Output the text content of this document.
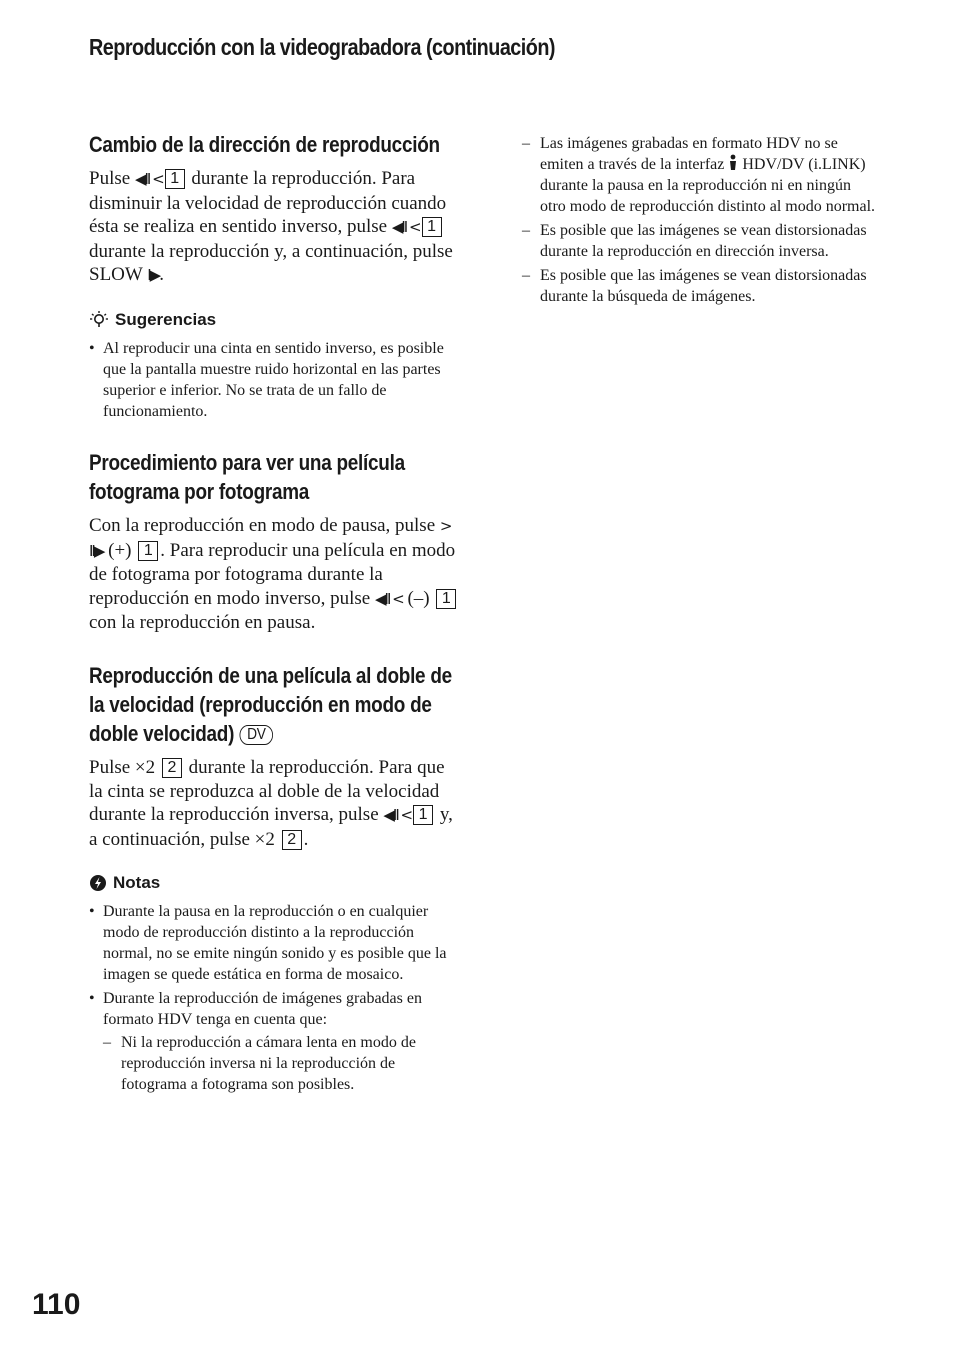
Reproducción con la videograbadora (continuación)
Cambio de la dirección de reproducción

Pulse ◀II < 1 durante la reproducción. Para disminuir la velocidad de reproducción cuando ésta se realiza en sentido inverso, pulse ◀II < 1 durante la reproducción y, a continuación, pulse SLOW I▶.

Sugerencias
• Al reproducir una cinta en sentido inverso, es posible que la pantalla muestre ruido horizontal en las partes superior e inferior. No se trata de un fallo de funcionamiento.
Procedimiento para ver una película fotograma por fotograma

Con la reproducción en modo de pausa, pulse > II▶ (+) 1 . Para reproducir una película en modo de fotograma por fotograma durante la reproducción en modo inverso, pulse ◀II < (–) 1 con la reproducción en pausa.

Reproducción de una película al doble de la velocidad (reproducción en modo de doble velocidad) DV

Pulse ×2 2 durante la reproducción. Para que la cinta se reproduzca al doble de la velocidad durante la reproducción inversa, pulse ◀II < 1 y, a continuación, pulse ×2 2 .

Notas
• Durante la pausa en la reproducción o en cualquier modo de reproducción distinto a la reproducción normal, no se emite ningún sonido y es posible que la imagen se quede estática en forma de mosaico.
• Durante la reproducción de imágenes grabadas en formato HDV tenga en cuenta que:
– Ni la reproducción a cámara lenta en modo de reproducción inversa ni la reproducción de fotograma a fotograma son posibles.
– Las imágenes grabadas en formato HDV no se emiten a través de la interfaz  HDV/DV (i.LINK) durante la pausa en la reproducción ni en ningún otro modo de reproducción distinto al modo normal.
– Es posible que las imágenes se vean distorsionadas durante la reproducción en dirección inversa.
– Es posible que las imágenes se vean distorsionadas durante la búsqueda de imágenes.
110
